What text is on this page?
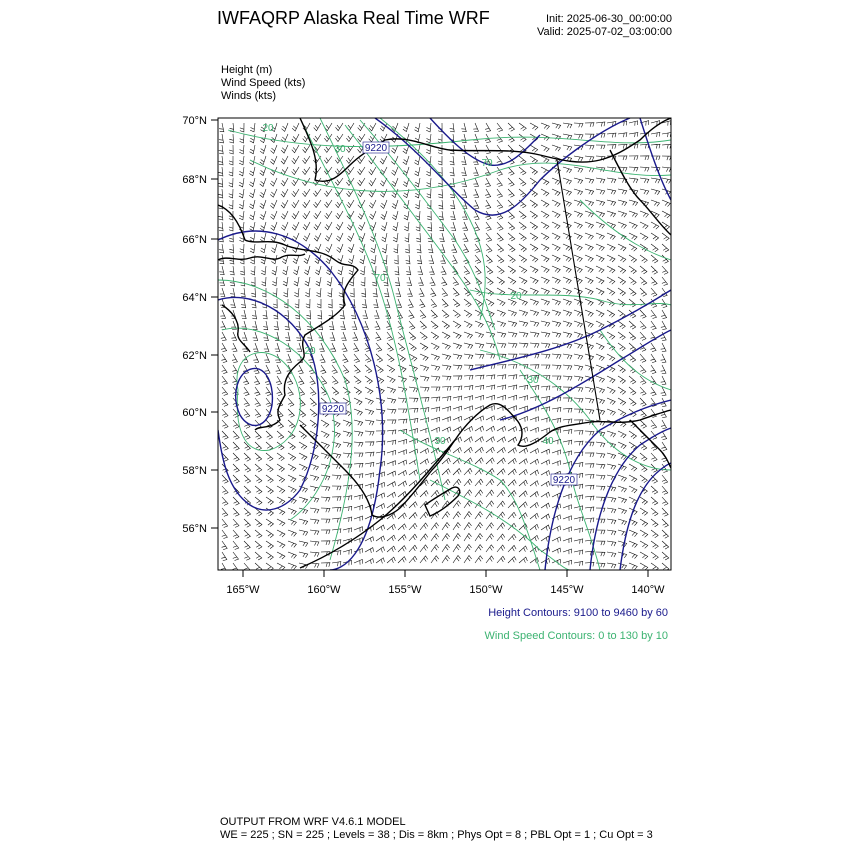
IWFAQRP Alaska Real Time WRF	Init: 2025-06-30_00:00:00
Valid: 2025-07-02_03:00:00
Height (m)
Wind Speed (kts)
Winds (kts)
9220
9220
9220
20
30
70
70
20
20
30
40
30
70°N
68°N
66°N
64°N
62°N
60°N
58°N
56°N
165°W	160°W	155°W	150°W	145°W	140°W
Height Contours: 9100 to 9460 by 60
Wind Speed Contours: 0 to 130 by 10
OUTPUT FROM WRF V4.6.1 MODEL
WE = 225 ; SN = 225 ; Levels = 38 ; Dis = 8km ; Phys Opt = 8 ; PBL Opt = 1 ; Cu Opt = 3
